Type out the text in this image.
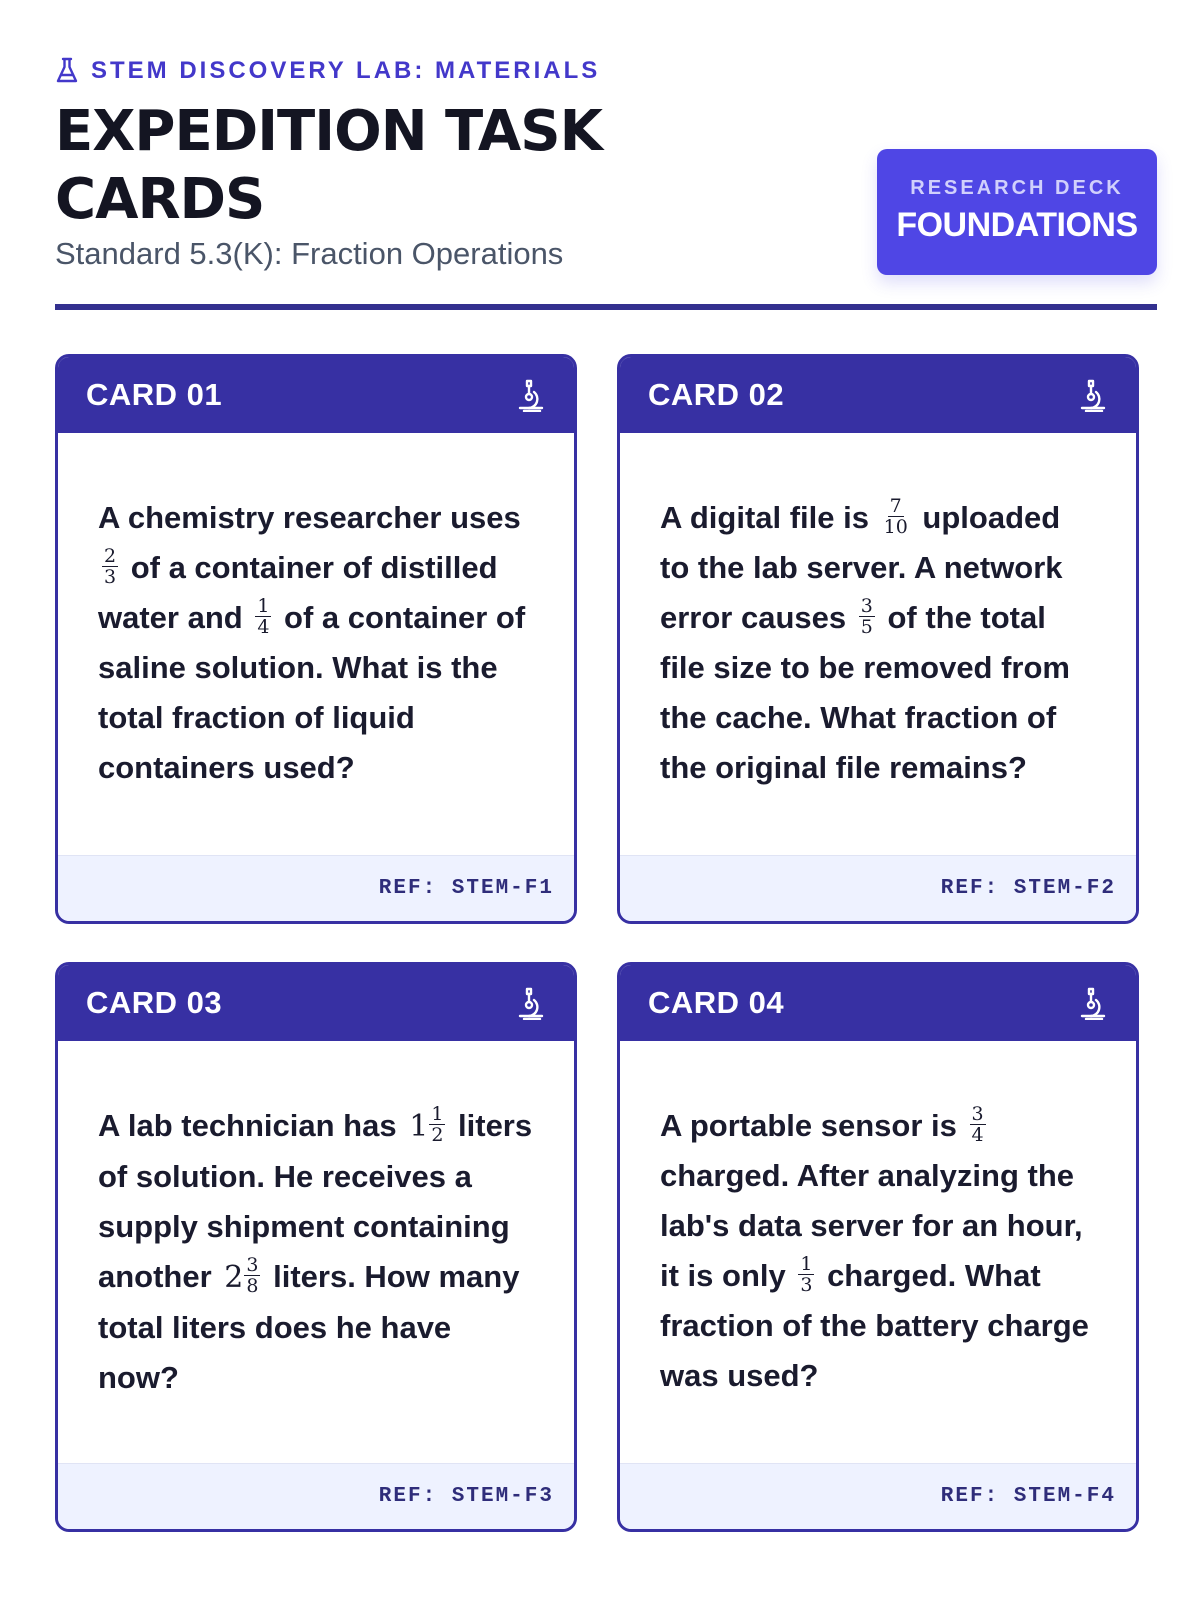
STEM DISCOVERY LAB: MATERIALS
EXPEDITION TASK CARDS
Standard 5.3(K): Fraction Operations
RESEARCH DECK
FOUNDATIONS
CARD 01

A chemistry researcher uses
$\frac{2}{3}$ of a container of distilled water and $\frac{1}{4}$ of a container of saline solution. What is the total fraction of liquid containers used?

REF: STEM-F1
CARD 02

A digital file is $\frac{7}{10}$ uploaded to the lab server. A network error causes $\frac{3}{5}$ of the total file size to be removed from the cache. What fraction of the original file remains?

REF: STEM-F2
CARD 03

A lab technician has $1 \frac{1}{2}$ liters of solution. He receives a supply shipment containing another $2 \frac{3}{8}$ liters. How many total liters does he have now?

REF: STEM-F3
CARD 04

A portable sensor is $\frac{3}{4}$
charged. After analyzing the lab's data server for an hour, it is only $\frac{1}{3}$ charged. What fraction of the battery charge was used?

REF: STEM-F4
